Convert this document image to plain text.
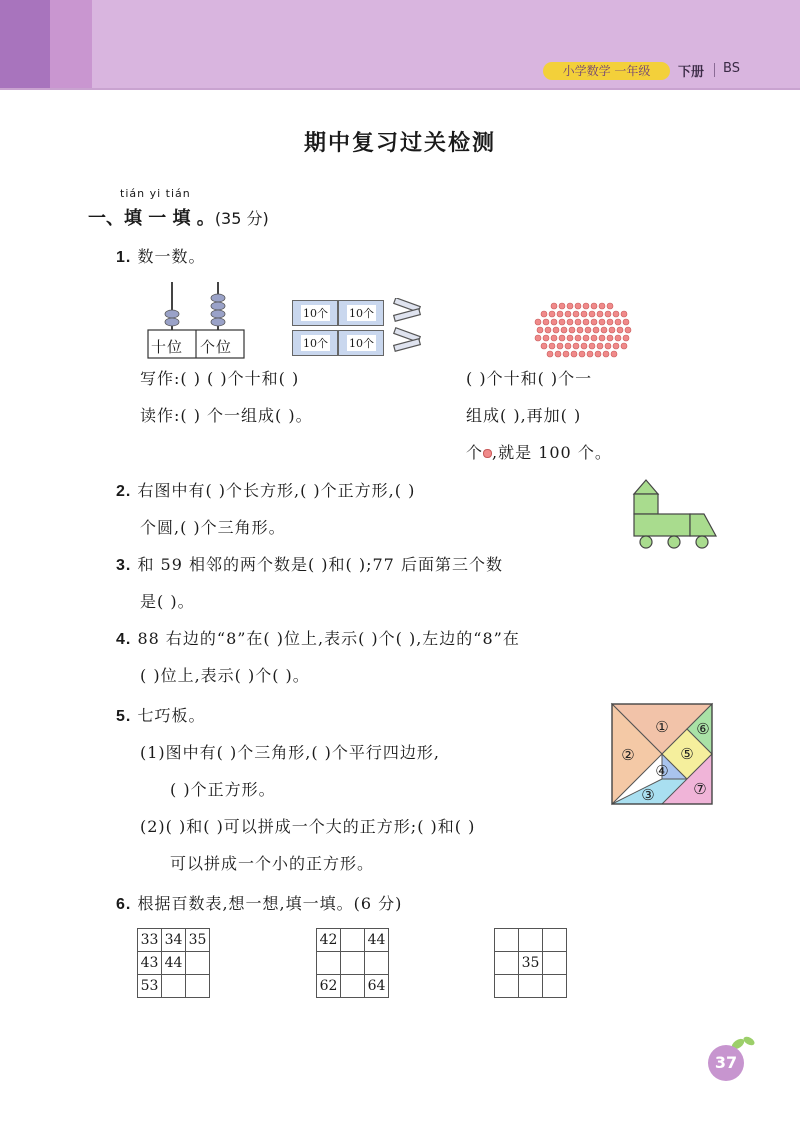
小学数学 一年级	下册 BS
期中复习过关检测
tián yi tián
一、填 一 填 。(35 分)
1. 数一数。
十位 个位
10个 10个
10个 10个
写作:( ) ( )个十和( )
读作:( ) 个一组成( )。
( )个十和( )个一
组成( ),再加( )
个 ,就是 100 个。
2. 右图中有( )个长方形,( )个正方形,( )
个圆,( )个三角形。
3. 和 59 相邻的两个数是( )和( );77 后面第三个数
是( )。
4. 88 右边的“8”在( )位上,表示( )个( ),左边的“8”在
( )位上,表示( )个( )。
5. 七巧板。
(1)图中有( )个三角形,( )个平行四边形,
( )个正方形。
(2)( )和( )可以拼成一个大的正方形;( )和( )
可以拼成一个小的正方形。
①
②
③
④
⑤
⑥
⑦
6. 根据百数表,想一想,填一填。(6 分)
33	34	35
43	44	
53		
42		44

62		64

	35	

37
